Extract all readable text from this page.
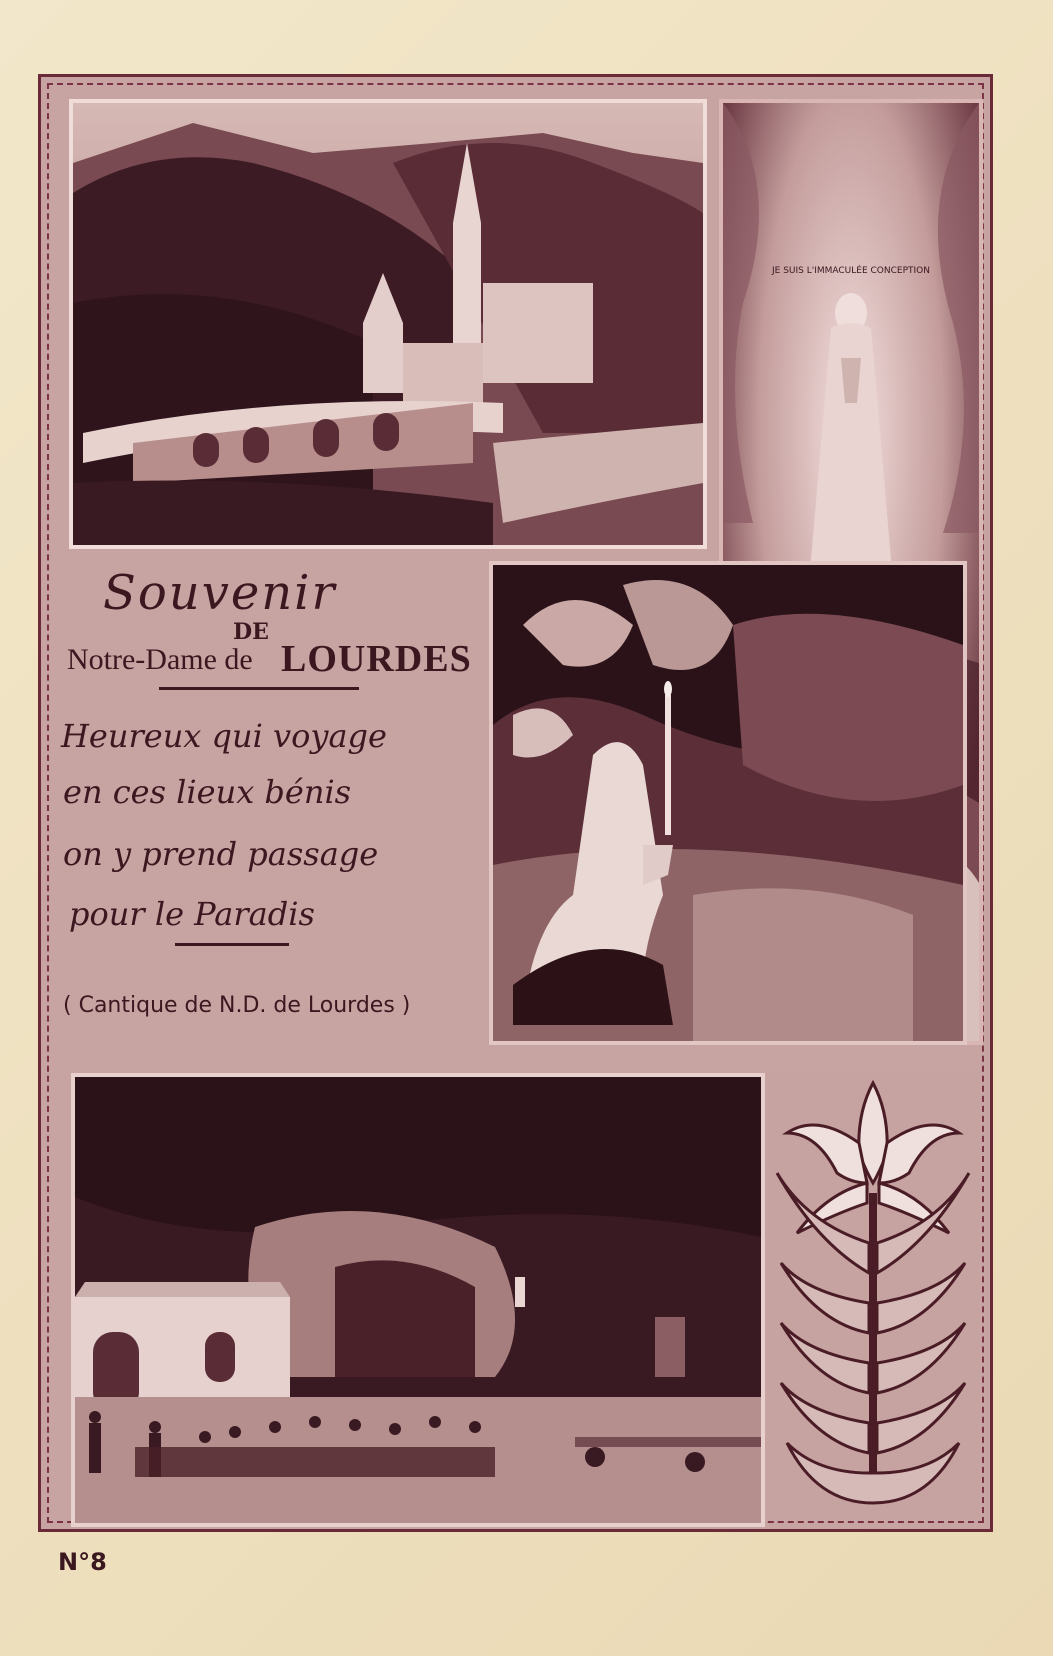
JE SUIS L'IMMACULÉE CONCEPTION
Souvenir
DE
Notre-Dame de LOURDES
Heureux qui voyage
en ces lieux bénis
on y prend passage
pour le Paradis
( Cantique de N.D. de Lourdes )
N°8
